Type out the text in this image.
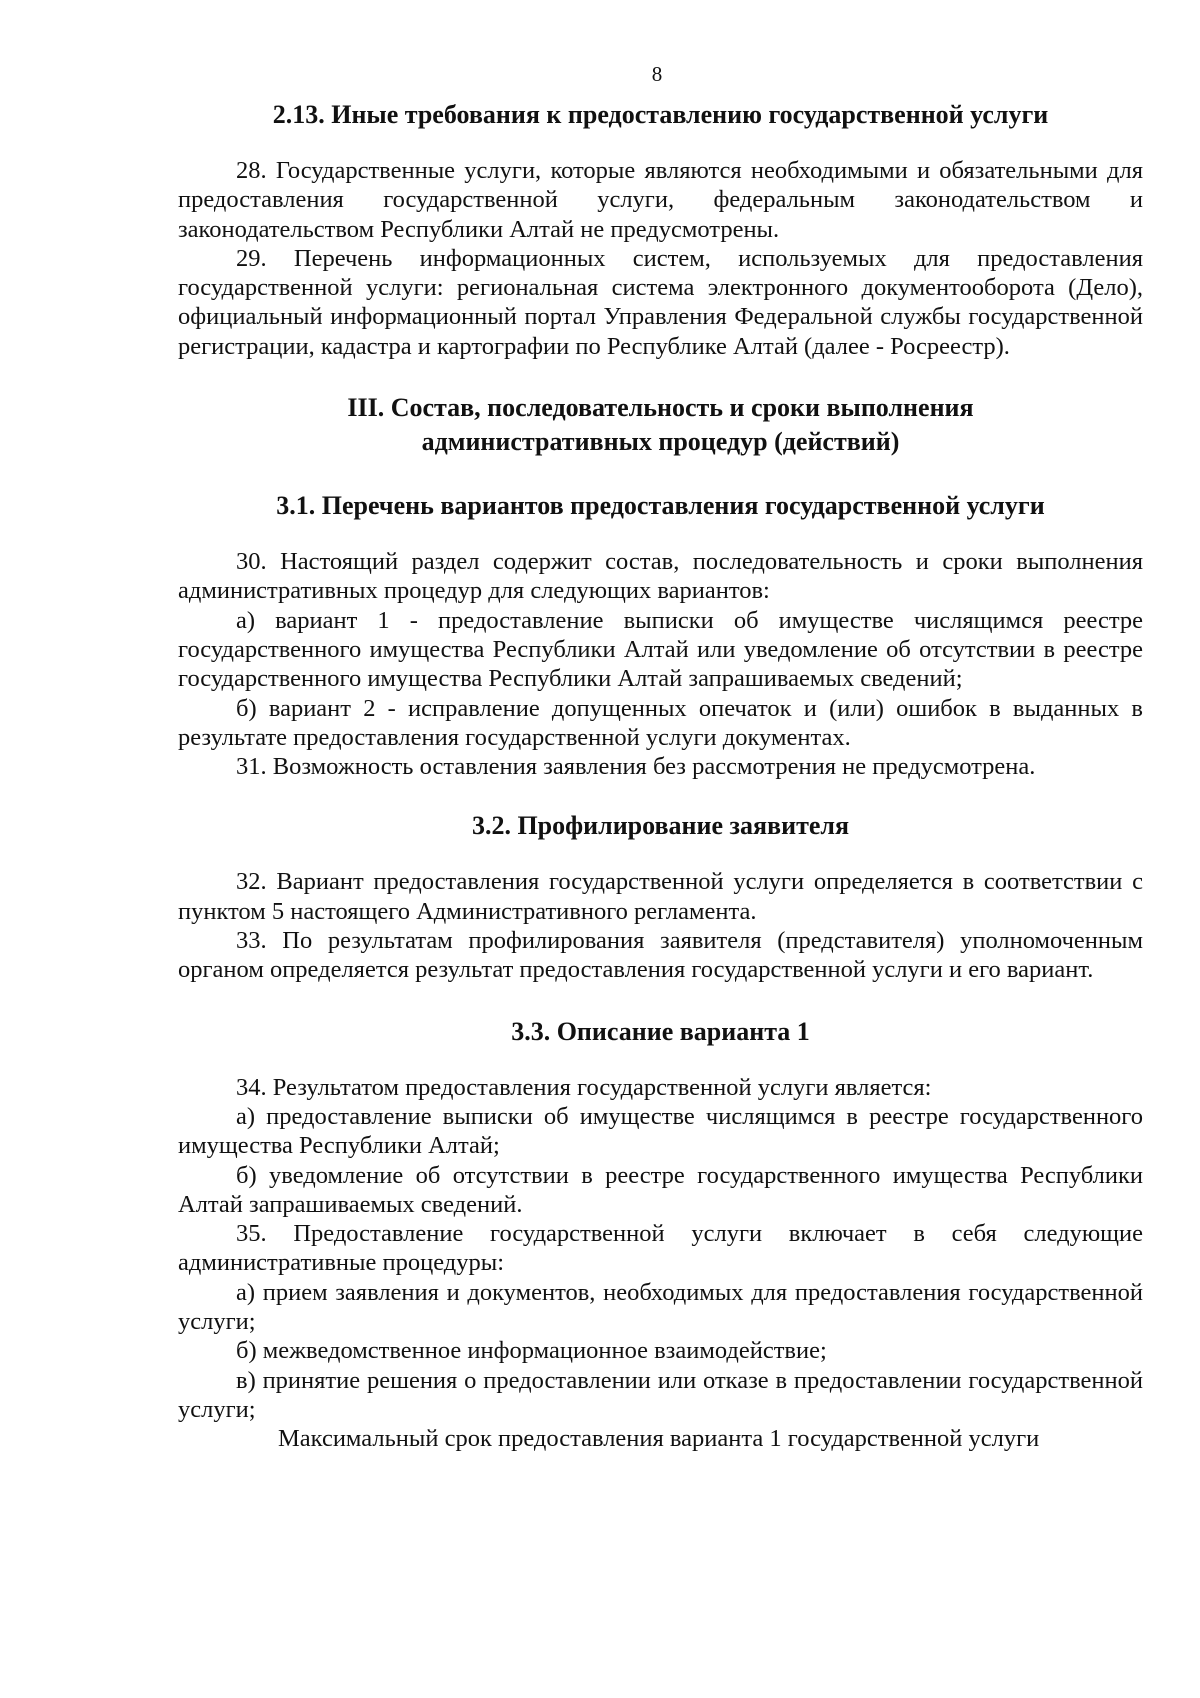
8
2.13. Иные требования к предоставлению государственной услуги

28. Государственные услуги, которые являются необходимыми и обязательными для предоставления государственной услуги, федеральным законодательством и законодательством Республики Алтай не предусмотрены.

29. Перечень информационных систем, используемых для предоставления государственной услуги: региональная система электронного документооборота (Дело), официальный информационный портал Управления Федеральной службы государственной регистрации, кадастра и картографии по Республике Алтай (далее - Росреестр).

III. Состав, последовательность и сроки выполнения
административных процедур (действий)
3.1. Перечень вариантов предоставления государственной услуги

30. Настоящий раздел содержит состав, последовательность и сроки выполнения административных процедур для следующих вариантов:

а) вариант 1 - предоставление выписки об имуществе числящимся реестре государственного имущества Республики Алтай или уведомление об отсутствии в реестре государственного имущества Республики Алтай запрашиваемых сведений;

б) вариант 2 - исправление допущенных опечаток и (или) ошибок в выданных в результате предоставления государственной услуги документах.

31. Возможность оставления заявления без рассмотрения не предусмотрена.

3.2. Профилирование заявителя

32. Вариант предоставления государственной услуги определяется в соответствии с пунктом 5 настоящего Административного регламента.

33. По результатам профилирования заявителя (представителя) уполномоченным органом определяется результат предоставления государственной услуги и его вариант.

3.3. Описание варианта 1

34. Результатом предоставления государственной услуги является:

а) предоставление выписки об имуществе числящимся в реестре государственного имущества Республики Алтай;

б) уведомление об отсутствии в реестре государственного имущества Республики Алтай запрашиваемых сведений.

35. Предоставление государственной услуги включает в себя следующие административные процедуры:

а) прием заявления и документов, необходимых для предоставления государственной услуги;

б) межведомственное информационное взаимодействие;

в) принятие решения о предоставлении или отказе в предоставлении государственной услуги;

Максимальный срок предоставления варианта 1 государственной услуги
